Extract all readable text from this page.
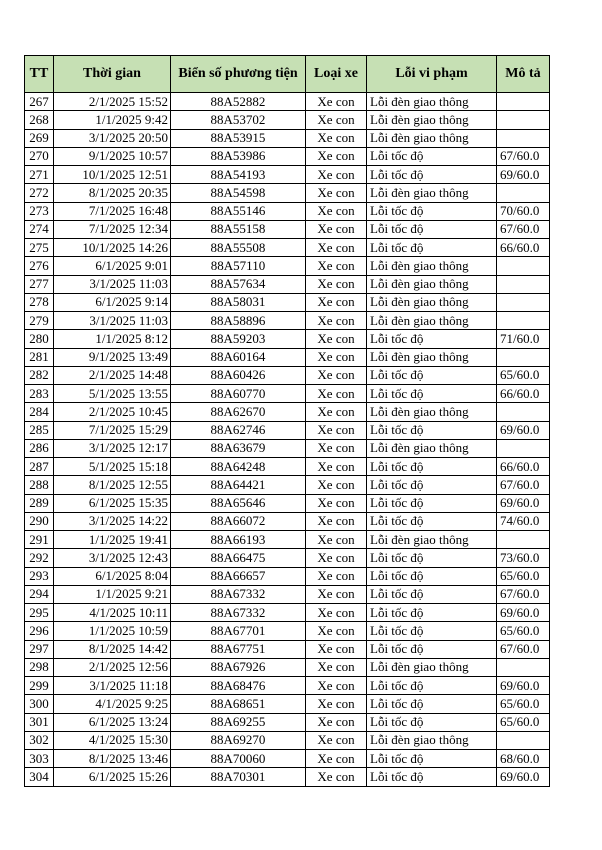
TT	Thời gian	Biển số phương tiện	Loại xe	Lỗi vi phạm	Mô tả
267	2/1/2025 15:52	88A52882	Xe con	Lỗi đèn giao thông	
268	1/1/2025 9:42	88A53702	Xe con	Lỗi đèn giao thông	
269	3/1/2025 20:50	88A53915	Xe con	Lỗi đèn giao thông	
270	9/1/2025 10:57	88A53986	Xe con	Lỗi tốc độ	67/60.0
271	10/1/2025 12:51	88A54193	Xe con	Lỗi tốc độ	69/60.0
272	8/1/2025 20:35	88A54598	Xe con	Lỗi đèn giao thông	
273	7/1/2025 16:48	88A55146	Xe con	Lỗi tốc độ	70/60.0
274	7/1/2025 12:34	88A55158	Xe con	Lỗi tốc độ	67/60.0
275	10/1/2025 14:26	88A55508	Xe con	Lỗi tốc độ	66/60.0
276	6/1/2025 9:01	88A57110	Xe con	Lỗi đèn giao thông	
277	3/1/2025 11:03	88A57634	Xe con	Lỗi đèn giao thông	
278	6/1/2025 9:14	88A58031	Xe con	Lỗi đèn giao thông	
279	3/1/2025 11:03	88A58896	Xe con	Lỗi đèn giao thông	
280	1/1/2025 8:12	88A59203	Xe con	Lỗi tốc độ	71/60.0
281	9/1/2025 13:49	88A60164	Xe con	Lỗi đèn giao thông	
282	2/1/2025 14:48	88A60426	Xe con	Lỗi tốc độ	65/60.0
283	5/1/2025 13:55	88A60770	Xe con	Lỗi tốc độ	66/60.0
284	2/1/2025 10:45	88A62670	Xe con	Lỗi đèn giao thông	
285	7/1/2025 15:29	88A62746	Xe con	Lỗi tốc độ	69/60.0
286	3/1/2025 12:17	88A63679	Xe con	Lỗi đèn giao thông	
287	5/1/2025 15:18	88A64248	Xe con	Lỗi tốc độ	66/60.0
288	8/1/2025 12:55	88A64421	Xe con	Lỗi tốc độ	67/60.0
289	6/1/2025 15:35	88A65646	Xe con	Lỗi tốc độ	69/60.0
290	3/1/2025 14:22	88A66072	Xe con	Lỗi tốc độ	74/60.0
291	1/1/2025 19:41	88A66193	Xe con	Lỗi đèn giao thông	
292	3/1/2025 12:43	88A66475	Xe con	Lỗi tốc độ	73/60.0
293	6/1/2025 8:04	88A66657	Xe con	Lỗi tốc độ	65/60.0
294	1/1/2025 9:21	88A67332	Xe con	Lỗi tốc độ	67/60.0
295	4/1/2025 10:11	88A67332	Xe con	Lỗi tốc độ	69/60.0
296	1/1/2025 10:59	88A67701	Xe con	Lỗi tốc độ	65/60.0
297	8/1/2025 14:42	88A67751	Xe con	Lỗi tốc độ	67/60.0
298	2/1/2025 12:56	88A67926	Xe con	Lỗi đèn giao thông	
299	3/1/2025 11:18	88A68476	Xe con	Lỗi tốc độ	69/60.0
300	4/1/2025 9:25	88A68651	Xe con	Lỗi tốc độ	65/60.0
301	6/1/2025 13:24	88A69255	Xe con	Lỗi tốc độ	65/60.0
302	4/1/2025 15:30	88A69270	Xe con	Lỗi đèn giao thông	
303	8/1/2025 13:46	88A70060	Xe con	Lỗi tốc độ	68/60.0
304	6/1/2025 15:26	88A70301	Xe con	Lỗi tốc độ	69/60.0
